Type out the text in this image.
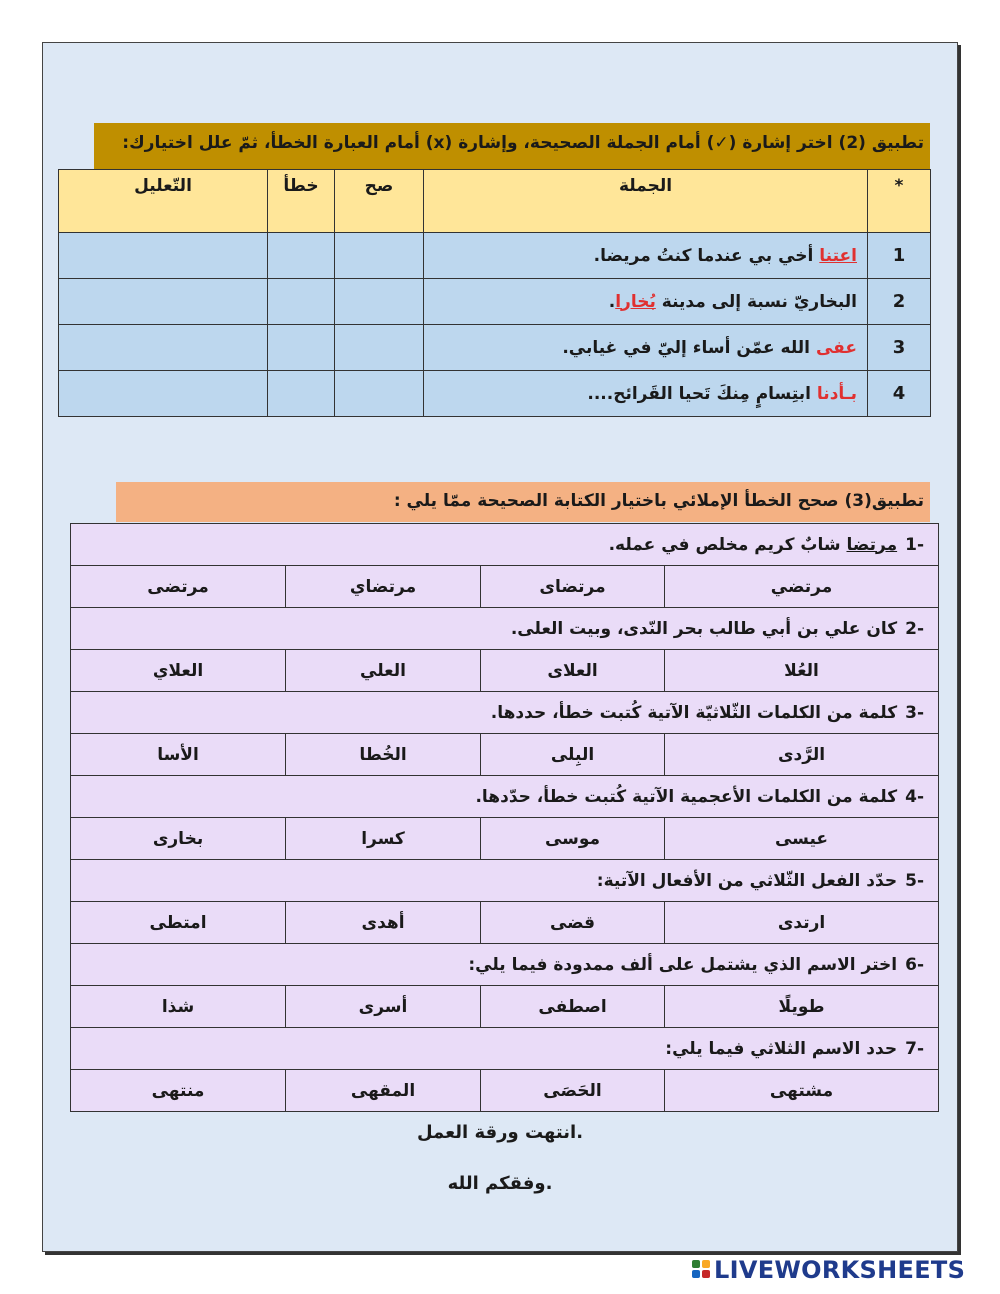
تطبيق (2) اختر إشارة (✓) أمام الجملة الصحيحة، وإشارة (x) أمام العبارة الخطأ، ثمّ علل اختيارك:
*	الجملة	صح	خطأ	التّعليل
1	اعتنا أخي بي عندما كنتُ مريضا.			
2	البخاريّ نسبة إلى مدينة بُخارا.			
3	عفى الله عمّن أساء إليّ في غيابي.			
4	بـأدنا ابتِسامٍ مِنكَ تَحيا القَرائح....			
تطبيق(3) صحح الخطأ الإملائي باختيار الكتابة الصحيحة ممّا يلي :
-1مرتضا شابٌ كريم مخلص في عمله.			
مرتضي	مرتضاى	مرتضاي	مرتضى
-2كان علي بن أبي طالب بحر النّدى، وبيت العلى.			
العُلا	العلاى	العلي	العلاي
-3كلمة من الكلمات الثّلاثيّة الآتية كُتبت خطأ، حددها.			
الرَّدى	البِلى	الخُطا	الأسا
-4كلمة من الكلمات الأعجمية الآتية كُتبت خطأ، حدّدها.			
عيسى	موسى	كسرا	بخارى
-5حدّد الفعل الثّلاثي من الأفعال الآتية:			
ارتدى	قضى	أهدى	امتطى
-6اختر الاسم الذي يشتمل على ألف ممدودة فيما يلي:			
طويلًا	اصطفى	أسرى	شذا
-7حدد الاسم الثلاثي فيما يلي:			
مشتهى	الحَصَى	المقهى	منتهى
انتهت ورقة العمل.
وفقكم الله.
LIVEWORKSHEETS
